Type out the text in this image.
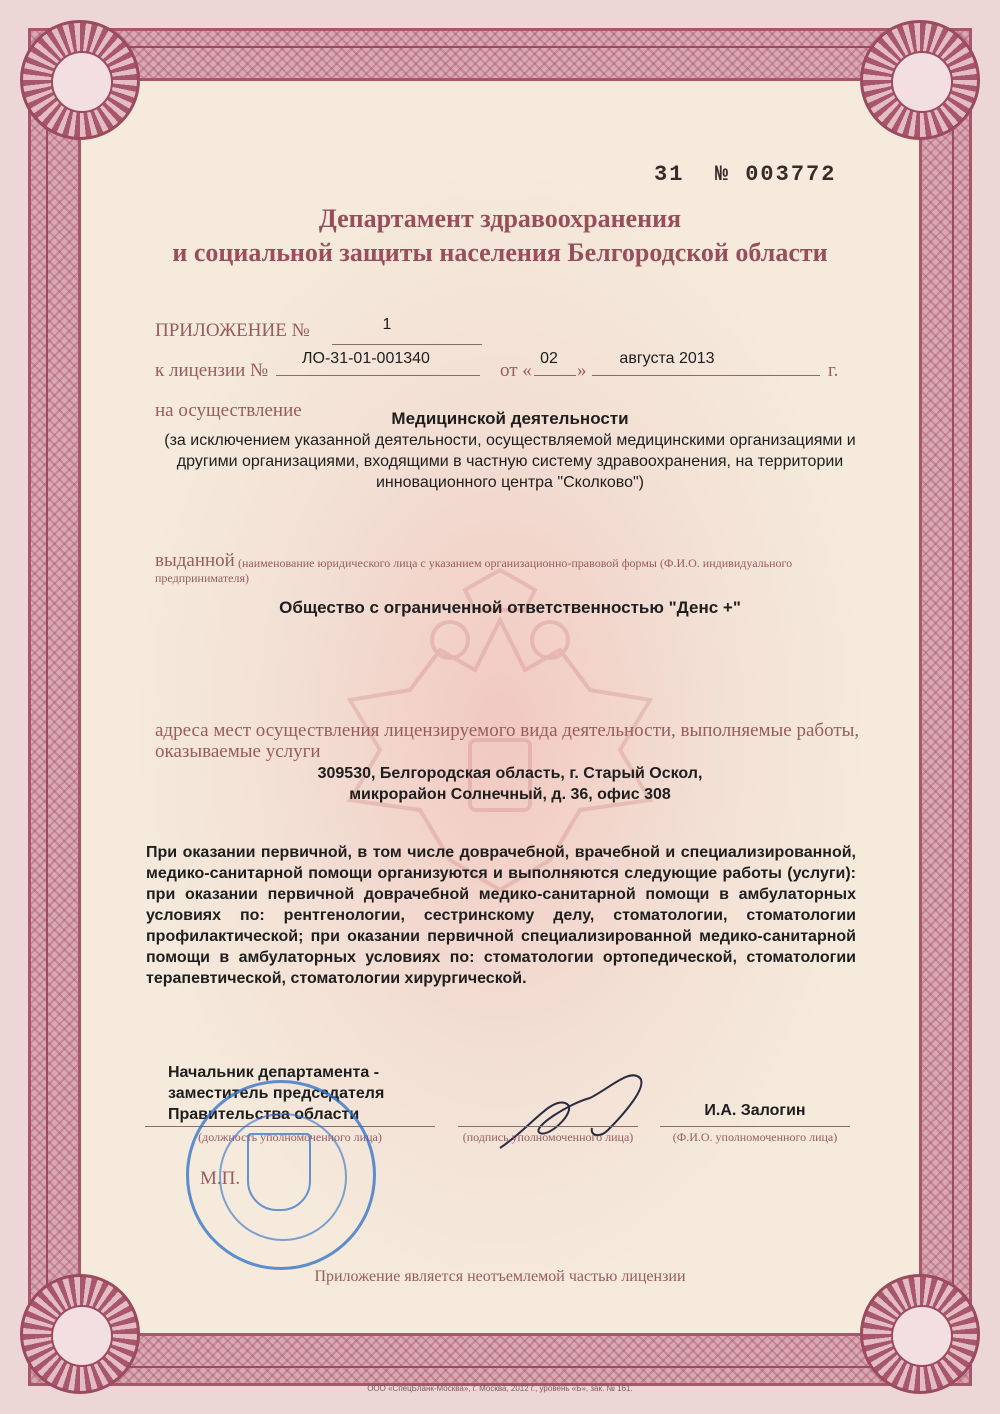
31 № 003772
Департамент здравоохранения
и социальной защиты населения Белгородской области
ПРИЛОЖЕНИЕ №	1
к лицензии №
ЛО-31-01-001340
от «
02
»
августа 2013
г.
на осуществление	Медицинской деятельности
(за исключением указанной деятельности, осуществляемой медицинскими организациями и другими организациями, входящими в частную систему здравоохранения, на территории инновационного центра "Сколково")
выданной (наименование юридического лица с указанием организационно-правовой формы (Ф.И.О. индивидуального
предпринимателя)
Общество с ограниченной ответственностью "Денс +"
адреса мест осуществления лицензируемого вида деятельности, выполняемые работы,
оказываемые услуги
309530, Белгородская область, г. Старый Оскол,
микрорайон Солнечный, д. 36, офис 308
При оказании первичной, в том числе доврачебной, врачебной и специализированной, медико-санитарной помощи организуются и выполняются следующие работы (услуги): при оказании первичной доврачебной медико-санитарной помощи в амбулаторных условиях по: рентгенологии, сестринскому делу, стоматологии, стоматологии профилактической; при оказании первичной специализированной медико-санитарной помощи в амбулаторных условиях по: стоматологии ортопедической, стоматологии терапевтической, стоматологии хирургической.
Начальник департамента -
заместитель председателя
Правительства области
(должность уполномоченного лица)	(подпись уполномоченного лица)
И.А. Залогин
(Ф.И.О. уполномоченного лица)
М.П.
Приложение является неотъемлемой частью лицензии
ООО «СпецБланк-Москва», г. Москва, 2012 г., уровень «Б», зак. № 161.
